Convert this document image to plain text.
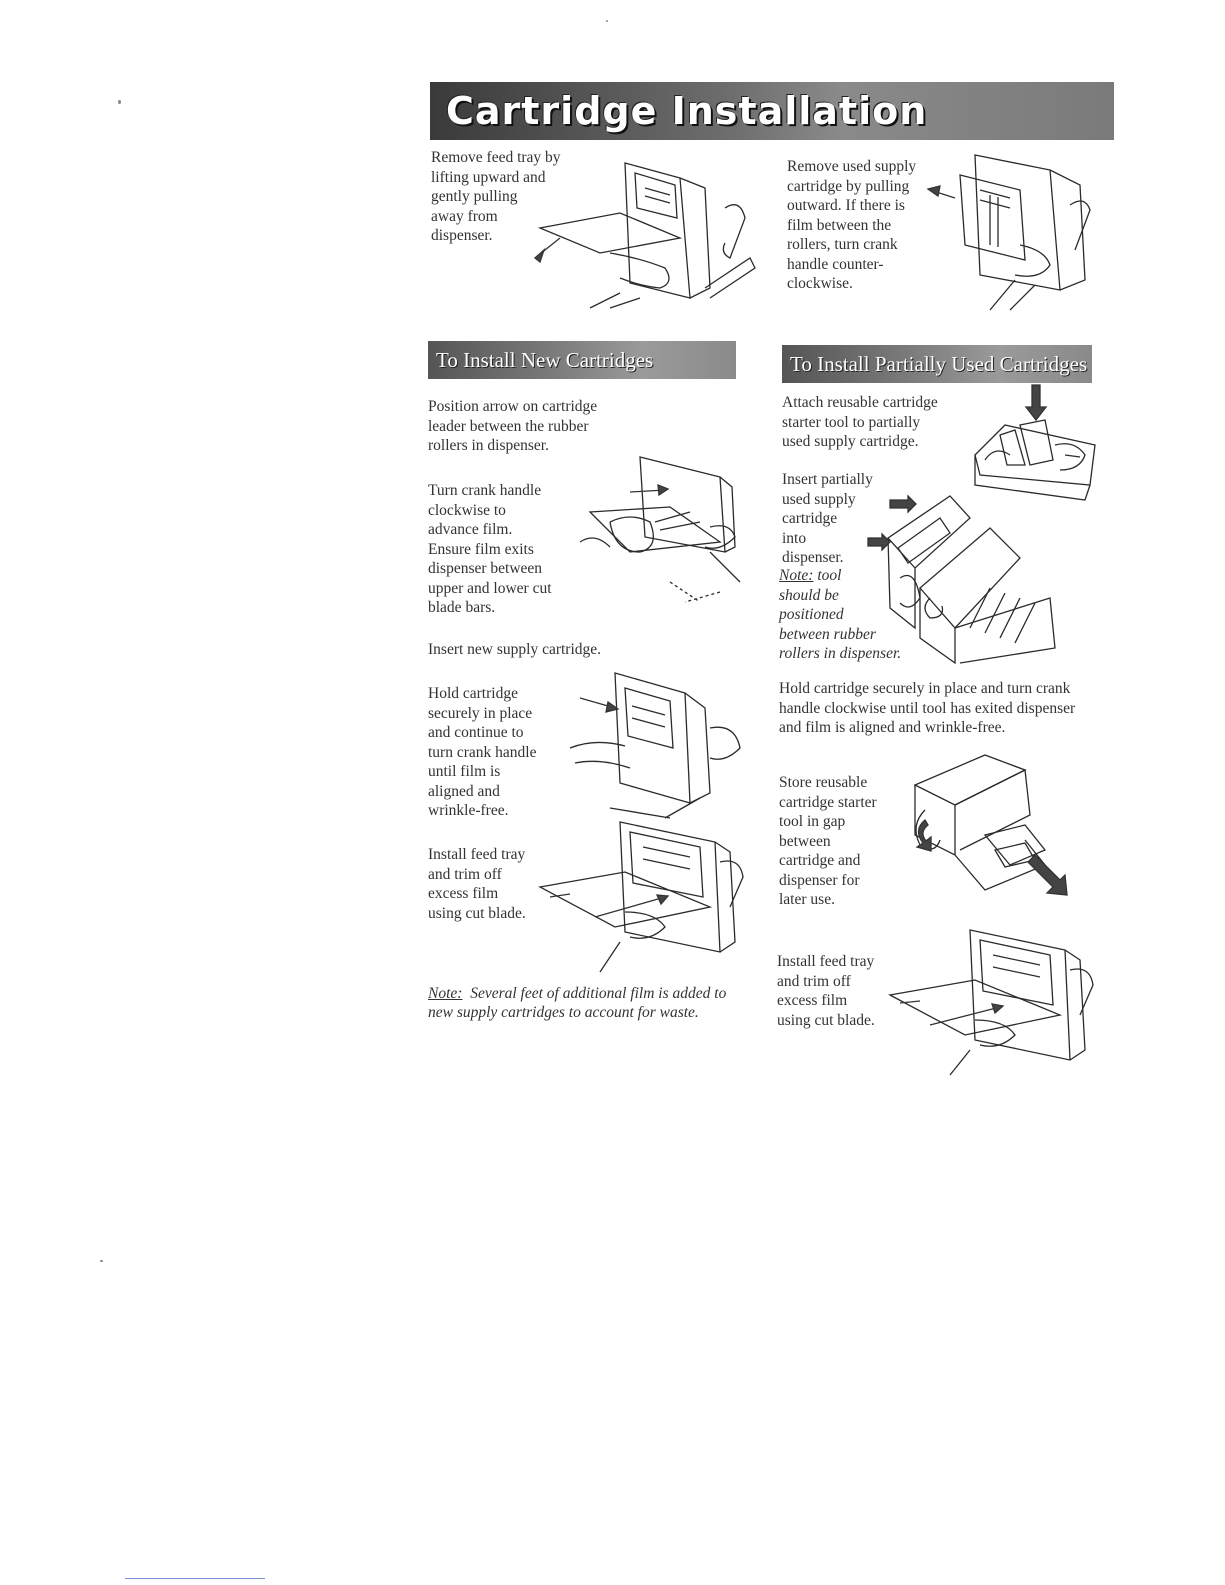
Cartridge Installation
Remove feed tray by
lifting upward and
gently pulling
away from
dispenser.
Remove used supply
cartridge by pulling
outward. If there is
film between the
rollers, turn crank
handle counter-
clockwise.
To Install New Cartridges	To Install Partially Used Cartridges
Position arrow on cartridge
leader between the rubber
rollers in dispenser.
Turn crank handle
clockwise to
advance film.
Ensure film exits
dispenser between
upper and lower cut
blade bars.
Insert new supply cartridge.
Hold cartridge
securely in place
and continue to
turn crank handle
until film is
aligned and
wrinkle-free.
Install feed tray
and trim off
excess film
using cut blade.
Note: Several feet of additional film is added to new supply cartridges to account for waste.
Attach reusable cartridge
starter tool to partially
used supply cartridge.
Insert partially
used supply
cartridge
into
dispenser.
Note: tool
should be
positioned
between rubber
rollers in dispenser.
Hold cartridge securely in place and turn crank
handle clockwise until tool has exited dispenser
and film is aligned and wrinkle-free.
Store reusable
cartridge starter
tool in gap
between
cartridge and
dispenser for
later use.
Install feed tray
and trim off
excess film
using cut blade.
